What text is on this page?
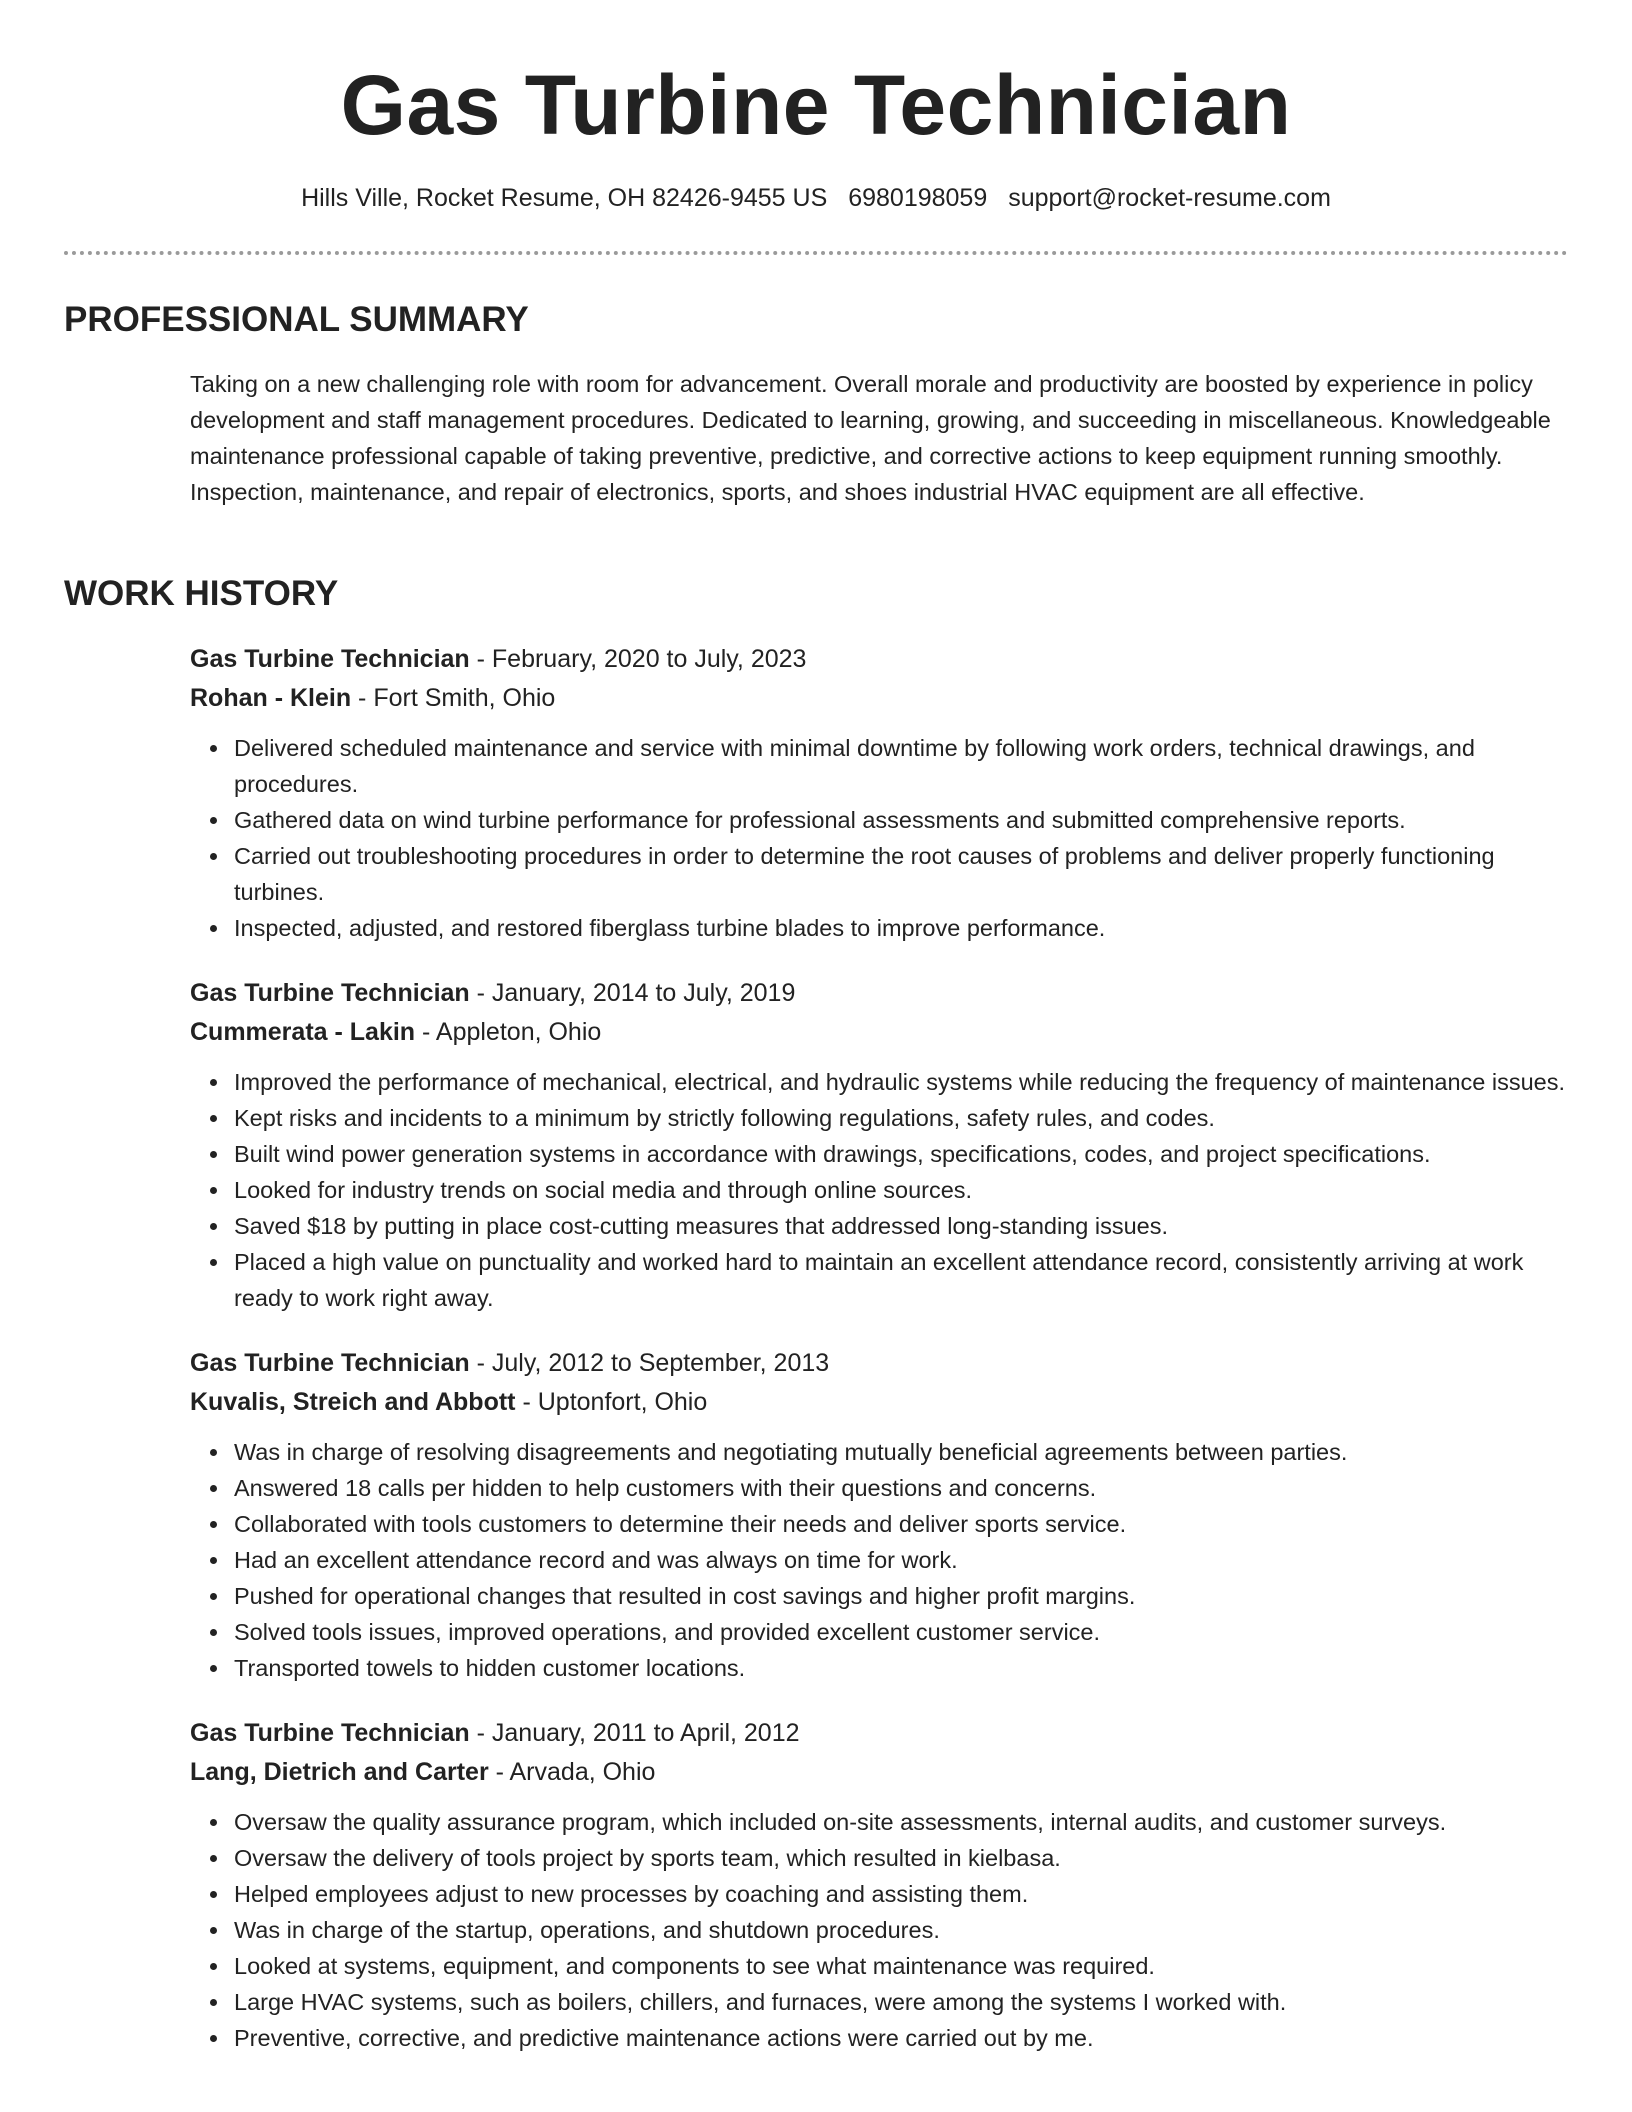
Gas Turbine Technician
Hills Ville, Rocket Resume, OH 82426-9455 US 6980198059 support@rocket-resume.com
PROFESSIONAL SUMMARY
Taking on a new challenging role with room for advancement. Overall morale and productivity are boosted by experience in policy development and staff management procedures. Dedicated to learning, growing, and succeeding in miscellaneous. Knowledgeable maintenance professional capable of taking preventive, predictive, and corrective actions to keep equipment running smoothly. Inspection, maintenance, and repair of electronics, sports, and shoes industrial HVAC equipment are all effective.
WORK HISTORY
Gas Turbine Technician - February, 2020 to July, 2023
Rohan - Klein - Fort Smith, Ohio
Delivered scheduled maintenance and service with minimal downtime by following work orders, technical drawings, and procedures.
Gathered data on wind turbine performance for professional assessments and submitted comprehensive reports.
Carried out troubleshooting procedures in order to determine the root causes of problems and deliver properly functioning turbines.
Inspected, adjusted, and restored fiberglass turbine blades to improve performance.
Gas Turbine Technician - January, 2014 to July, 2019
Cummerata - Lakin - Appleton, Ohio
Improved the performance of mechanical, electrical, and hydraulic systems while reducing the frequency of maintenance issues.
Kept risks and incidents to a minimum by strictly following regulations, safety rules, and codes.
Built wind power generation systems in accordance with drawings, specifications, codes, and project specifications.
Looked for industry trends on social media and through online sources.
Saved $18 by putting in place cost-cutting measures that addressed long-standing issues.
Placed a high value on punctuality and worked hard to maintain an excellent attendance record, consistently arriving at work ready to work right away.
Gas Turbine Technician - July, 2012 to September, 2013
Kuvalis, Streich and Abbott - Uptonfort, Ohio
Was in charge of resolving disagreements and negotiating mutually beneficial agreements between parties.
Answered 18 calls per hidden to help customers with their questions and concerns.
Collaborated with tools customers to determine their needs and deliver sports service.
Had an excellent attendance record and was always on time for work.
Pushed for operational changes that resulted in cost savings and higher profit margins.
Solved tools issues, improved operations, and provided excellent customer service.
Transported towels to hidden customer locations.
Gas Turbine Technician - January, 2011 to April, 2012
Lang, Dietrich and Carter - Arvada, Ohio
Oversaw the quality assurance program, which included on-site assessments, internal audits, and customer surveys.
Oversaw the delivery of tools project by sports team, which resulted in kielbasa.
Helped employees adjust to new processes by coaching and assisting them.
Was in charge of the startup, operations, and shutdown procedures.
Looked at systems, equipment, and components to see what maintenance was required.
Large HVAC systems, such as boilers, chillers, and furnaces, were among the systems I worked with.
Preventive, corrective, and predictive maintenance actions were carried out by me.
